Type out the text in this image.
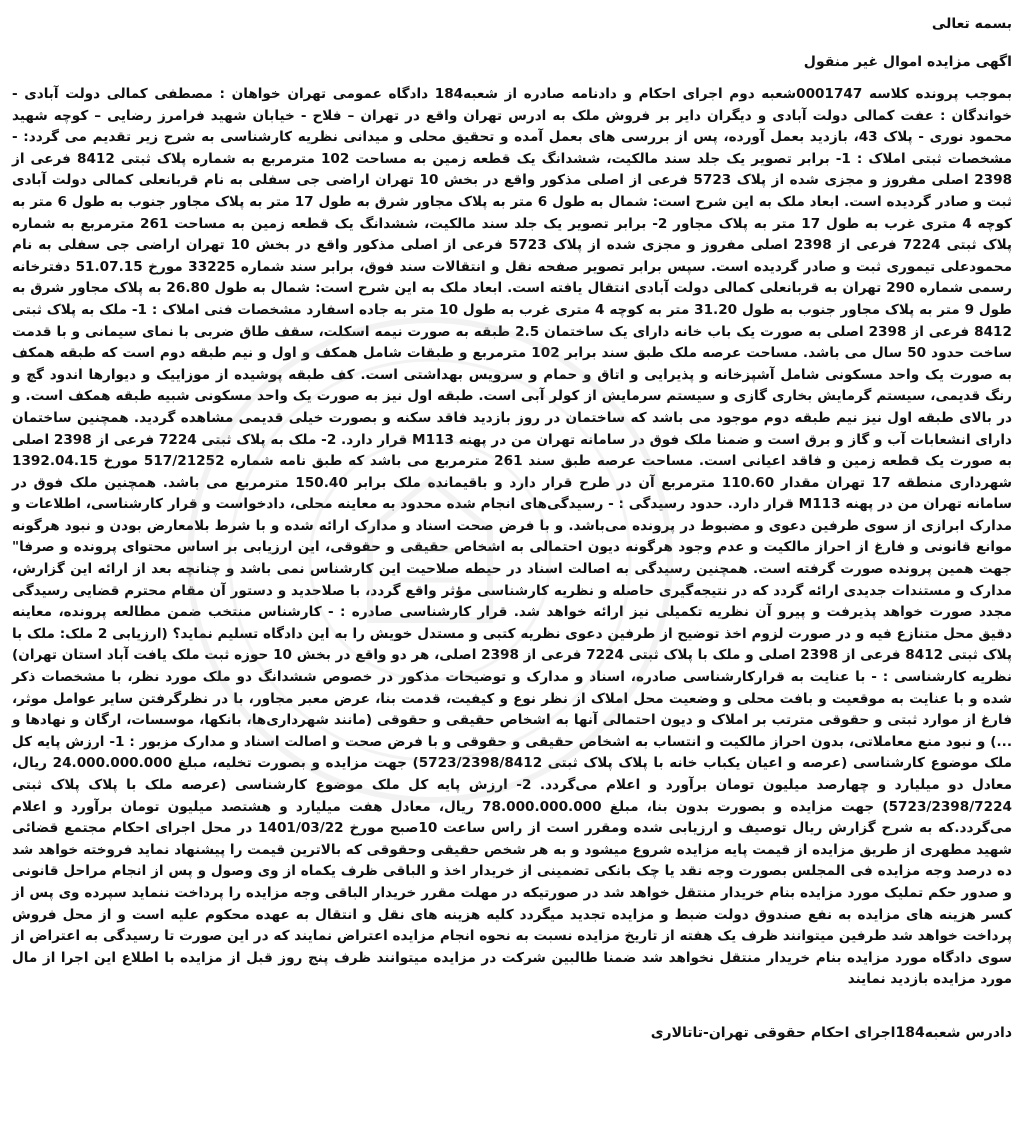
بسمه تعالی

اگهی مزایده اموال غیر منقول

بموجب پرونده کلاسه 0001747شعبه دوم اجرای احکام و دادنامه صادره از شعبه184 دادگاه عمومی تهران خواهان : مصطفی کمالی دولت آبادی - خواندگان : عفت کمالی دولت آبادی و دیگران دایر بر فروش ملک به ادرس تهران واقع در تهران – فلاح - خیابان شهید فرامرز رضایی – کوچه شهید محمود نوری - پلاک 43، بازدید بعمل آورده، پس از بررسی های بعمل آمده و تحقیق محلی و میدانی نظریه کارشناسی به شرح زیر تقدیم می گردد: - مشخصات ثبتی املاک : 1- برابر تصویر یک جلد سند مالکیت، ششدانگ یک قطعه زمین به مساحت 102 مترمربع به شماره پلاک ثبتی 8412 فرعی از 2398 اصلی مفروز و مجزی شده از پلاک 5723 فرعی از اصلی مذکور واقع در بخش 10 تهران اراضی جی سفلی به نام قربانعلی کمالی دولت آبادی ثبت و صادر گردیده است. ابعاد ملک به این شرح است: شمال به طول 6 متر به پلاک مجاور شرق به طول 17 متر به پلاک مجاور جنوب به طول 6 متر به کوچه 4 متری غرب به طول 17 متر به پلاک مجاور 2- برابر تصویر یک جلد سند مالکیت، ششدانگ یک قطعه زمین به مساحت 261 مترمربع به شماره پلاک ثبتی 7224 فرعی از 2398 اصلی مفروز و مجزی شده از پلاک 5723 فرعی از اصلی مذکور واقع در بخش 10 تهران اراضی جی سفلی به نام محمودعلی تیموری ثبت و صادر گردیده است. سپس برابر تصویر صفحه نقل و انتقالات سند فوق، برابر سند شماره 33225 مورخ 51.07.15 دفترخانه رسمی شماره 290 تهران به قربانعلی کمالی دولت آبادی انتقال یافته است. ابعاد ملک به این شرح است: شمال به طول 26.80 به پلاک مجاور شرق به طول 9 متر به پلاک مجاور جنوب به طول 31.20 متر به کوچه 4 متری غرب به طول 10 متر به جاده اسفارد مشخصات فنی املاک : 1- ملک به پلاک ثبتی 8412 فرعی از 2398 اصلی به صورت یک باب خانه دارای یک ساختمان 2.5 طبقه به صورت نیمه اسکلت، سقف طاق ضربی با نمای سیمانی و با قدمت ساخت حدود 50 سال می باشد. مساحت عرصه ملک طبق سند برابر 102 مترمربع و طبقات شامل همکف و اول و نیم طبقه دوم است که طبقه همکف به صورت یک واحد مسکونی شامل آشپزخانه و پذیرایی و اتاق و حمام و سرویس بهداشتی است. کف طبقه پوشیده از موزاییک و دیوارها اندود گچ و رنگ قدیمی، سیستم گرمایش بخاری گازی و سیستم سرمایش از کولر آبی است. طبقه اول نیز به صورت یک واحد مسکونی شبیه طبقه همکف است. و در بالای طبقه اول نیز نیم طبقه دوم موجود می باشد که ساختمان در روز بازدید فاقد سکنه و بصورت خیلی قدیمی مشاهده گردید. همچنین ساختمان دارای انشعابات آب و گاز و برق است و ضمنا ملک فوق در سامانه تهران من در پهنه M113 قرار دارد. 2- ملک به پلاک ثبتی 7224 فرعی از 2398 اصلی به صورت یک قطعه زمین و فاقد اعیانی است. مساحت عرصه طبق سند 261 مترمربع می باشد که طبق نامه شماره 517/21252 مورخ 1392.04.15 شهرداری منطقه 17 تهران مقدار 110.60 مترمربع آن در طرح قرار دارد و باقیمانده ملک برابر 150.40 مترمربع می باشد. همچنین ملک فوق در سامانه تهران من در پهنه M113 قرار دارد. حدود رسیدگی : - رسیدگی‌های انجام شده محدود به معاینه محلی، دادخواست و قرار کارشناسی، اطلاعات و مدارک ابرازی از سوی طرفین دعوی و مضبوط در پرونده می‌باشد. و با فرض صحت اسناد و مدارک ارائه شده و با شرط بلامعارض بودن و نبود هرگونه موانع قانونی و فارغ از احراز مالکیت و عدم وجود هرگونه دیون احتمالی به اشخاص حقیقی و حقوقی، این ارزیابی بر اساس محتوای پرونده و صرفا" جهت همین پرونده صورت گرفته است. همچنین رسیدگی به اصالت اسناد در حیطه صلاحیت این کارشناس نمی باشد و چنانچه بعد از ارائه این گزارش، مدارک و مستندات جدیدی ارائه گردد که در نتیجه‌گیری حاصله و نظریه کارشناسی مؤثر واقع گردد، با صلاحدید و دستور آن مقام محترم قضایی رسیدگی مجدد صورت خواهد پذیرفت و پیرو آن نظریه تکمیلی نیز ارائه خواهد شد. قرار کارشناسی صادره : - کارشناس منتخب ضمن مطالعه پرونده، معاینه دقیق محل متنازع فیه و در صورت لزوم اخذ توضیح از طرفین دعوی نظریه کتبی و مستدل خویش را به این دادگاه تسلیم نماید؟ (ارزیابی 2 ملک: ملک با پلاک ثبتی 8412 فرعی از 2398 اصلی و ملک با پلاک ثبتی 7224 فرعی از 2398 اصلی، هر دو واقع در بخش 10 حوزه ثبت ملک یافت آباد استان تهران) نظریه کارشناسی : - با عنایت به قرارکارشناسی صادره، اسناد و مدارک و توضیحات مذکور در خصوص ششدانگ دو ملک مورد نظر، با مشخصات ذکر شده و با عنایت به موقعیت و بافت محلی و وضعیت محل املاک از نظر نوع و کیفیت، قدمت بنا، عرض معبر مجاور، با در نظرگرفتن سایر عوامل موثر، فارغ از موارد ثبتی و حقوقی مترتب بر املاک و دیون احتمالی آنها به اشخاص حقیقی و حقوقی (مانند شهرداری‌ها، بانکها، موسسات، ارگان و نهادها و ...) و نبود منع معاملاتی، بدون احراز مالکیت و انتساب به اشخاص حقیقی و حقوقی و با فرض صحت و اصالت اسناد و مدارک مزبور : 1- ارزش پایه کل ملک موضوع کارشناسی (عرصه و اعیان یکباب خانه با پلاک پلاک ثبتی 5723/2398/8412) جهت مزایده و بصورت تخلیه، مبلغ 24.000.000.000 ریال، معادل دو میلیارد و چهارصد میلیون تومان برآورد و اعلام می‌گردد. 2- ارزش پایه کل ملک موضوع کارشناسی (عرصه ملک با پلاک پلاک ثبتی 5723/2398/7224) جهت مزایده و بصورت بدون بنا، مبلغ 78.000.000.000 ریال، معادل هفت میلیارد و هشتصد میلیون تومان برآورد و اعلام می‌گردد.که به شرح گزارش ریال توصیف و ارزیابی شده ومقرر است از راس ساعت 10صبح مورخ 1401/03/22 در محل اجرای احکام مجتمع قضائی شهید مطهری از طریق مزایده از قیمت پایه مزایده شروع میشود و به هر شخص حقیقی وحقوقی که بالاترین قیمت را پیشنهاد نماید فروخته خواهد شد ده درصد وجه مزایده فی المجلس بصورت وجه نقد یا چک بانکی تضمینی از خریدار اخذ و الباقی ظرف یکماه از وی وصول و پس از انجام مراحل قانونی و صدور حکم تملیک مورد مزایده بنام خریدار منتقل خواهد شد در صورتیکه در مهلت مقرر خریدار الباقی وجه مزایده را پرداخت ننماید سپرده وی پس از کسر هزینه های مزایده به نفع صندوق دولت ضبط و مزایده تجدید میگردد کلیه هزینه های نقل و انتقال به عهده محکوم علیه است و از محل فروش پرداخت خواهد شد طرفین میتوانند ظرف یک هفته از تاریخ مزایده نسبت به نحوه انجام مزایده اعتراض نمایند که در این صورت تا رسیدگی به اعتراض از سوی دادگاه مورد مزایده بنام خریدار منتقل نخواهد شد ضمنا طالبین شرکت در مزایده میتوانند ظرف پنج روز قبل از مزایده با اطلاع این اجرا از مال مورد مزایده بازدید نمایند

دادرس شعبه184اجرای احکام حقوقی تهران-تاتالاری
